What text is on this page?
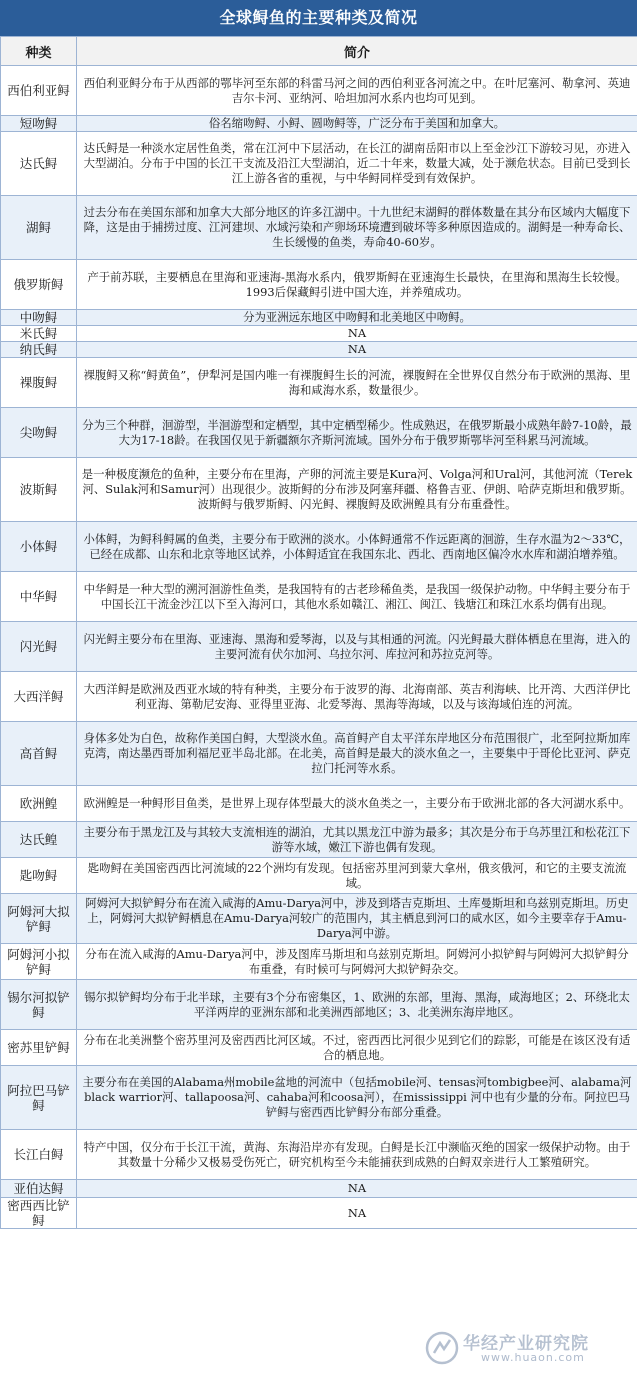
全球鲟鱼的主要种类及简况
种类	简介
西伯利亚鲟	西伯利亚鲟分布于从西部的鄂毕河至东部的科雷马河之间的西伯利亚各河流之中。在叶尼塞河、勒拿河、英迪吉尔卡河、亚纳河、哈坦加河水系内也均可见到。
短吻鲟	俗名缩吻鲟、小鲟、圆吻鲟等，广泛分布于美国和加拿大。
达氏鲟	达氏鲟是一种淡水定居性鱼类，常在江河中下层活动，在长江的湖南岳阳市以上至金沙江下游较习见，亦进入大型湖泊。分布于中国的长江干支流及沿江大型湖泊，近二十年来，数量大减，处于濒危状态。目前已受到长江上游各省的重视，与中华鲟同样受到有效保护。
湖鲟	过去分布在美国东部和加拿大大部分地区的许多江湖中。十九世纪末湖鲟的群体数量在其分布区域内大幅度下降，这是由于捕捞过度、江河建坝、水域污染和产卵场环境遭到破坏等多种原因造成的。湖鲟是一种寿命长、生长缓慢的鱼类，寿命40-60岁。
俄罗斯鲟	产于前苏联，主要栖息在里海和亚速海-黑海水系内，俄罗斯鲟在亚速海生长最快，在里海和黑海生长较慢。1993后保藏鲟引进中国大连，并养殖成功。
中吻鲟	分为亚洲远东地区中吻鲟和北美地区中吻鲟。
米氏鲟	NA
纳氏鲟	NA
裸腹鲟	裸腹鲟又称“鲟黄鱼”，伊犁河是国内唯一有裸腹鲟生长的河流，裸腹鲟在全世界仅自然分布于欧洲的黑海、里海和咸海水系，数量很少。
尖吻鲟	分为三个种群，洄游型，半洄游型和定栖型，其中定栖型稀少。性成熟迟，在俄罗斯最小成熟年龄7-10龄，最大为17-18龄。在我国仅见于新疆额尔齐斯河流域。国外分布于俄罗斯鄂毕河至科累马河流域。
波斯鲟	是一种极度濒危的鱼种，主要分布在里海，产卵的河流主要是Kura河、Volga河和Ural河，其他河流（Terek河、Sulak河和Samur河）出现很少。波斯鲟的分布涉及阿塞拜疆、格鲁吉亚、伊朗、哈萨克斯坦和俄罗斯。波斯鲟与俄罗斯鲟、闪光鲟、裸腹鲟及欧洲鳇具有分布重叠性。
小体鲟	小体鲟，为鲟科鲟属的鱼类，主要分布于欧洲的淡水。小体鲟通常不作远距离的洄游，生存水温为2～33℃，已经在成都、山东和北京等地区试养，小体鲟适宜在我国东北、西北、西南地区偏冷水水库和湖泊增养殖。
中华鲟	中华鲟是一种大型的溯河洄游性鱼类，是我国特有的古老珍稀鱼类，是我国一级保护动物。中华鲟主要分布于中国长江干流金沙江以下至入海河口，其他水系如赣江、湘江、闽江、钱塘江和珠江水系均偶有出现。
闪光鲟	闪光鲟主要分布在里海、亚速海、黑海和爱琴海，以及与其相通的河流。闪光鲟最大群体栖息在里海，进入的主要河流有伏尔加河、乌拉尔河、库拉河和苏拉克河等。
大西洋鲟	大西洋鲟是欧洲及西亚水域的特有种类，主要分布于波罗的海、北海南部、英吉利海峡、比开湾、大西洋伊比利亚海、第勒尼安海、亚得里亚海、北爱琴海、黑海等海域，以及与该海域伯连的河流。
高首鲟	身体多处为白色，故称作美国白鲟，大型淡水鱼。高首鲟产自太平洋东岸地区分布范围很广，北至阿拉斯加库克湾，南达墨西哥加利福尼亚半岛北部。在北美，高首鲟是最大的淡水鱼之一，主要集中于哥伦比亚河、萨克拉门托河等水系。
欧洲鳇	欧洲鳇是一种鲟形目鱼类，是世界上现存体型最大的淡水鱼类之一，主要分布于欧洲北部的各大河湖水系中。
达氏鳇	主要分布于黑龙江及与其较大支流相连的湖泊，尤其以黑龙江中游为最多；其次是分布于乌苏里江和松花江下游等水域，嫩江下游也偶有发现。
匙吻鲟	匙吻鲟在美国密西西比河流域的22个洲均有发现。包括密苏里河到蒙大拿州，俄亥俄河，和它的主要支流流域。
阿姆河大拟铲鲟	阿姆河大拟铲鲟分布在流入咸海的Amu-Darya河中，涉及到塔吉克斯坦、土库曼斯坦和乌兹别克斯坦。历史上，阿姆河大拟铲鲟栖息在Amu-Darya河较广的范围内，其主栖息到河口的咸水区，如今主要幸存于Amu-Darya河中游。
阿姆河小拟铲鲟	分布在流入咸海的Amu-Darya河中，涉及图库马斯坦和乌兹别克斯坦。阿姆河小拟铲鲟与阿姆河大拟铲鲟分布重叠，有时候可与阿姆河大拟铲鲟杂交。
锡尔河拟铲鲟	锡尔拟铲鲟均分布于北半球，主要有3个分布密集区，1、欧洲的东部，里海、黑海，咸海地区；2、环绕北太平洋两岸的亚洲东部和北美洲西部地区；3、北美洲东海岸地区。
密苏里铲鲟	分布在北美洲整个密苏里河及密西西比河区域。不过，密西西比河很少见到它们的踪影，可能是在该区没有适合的栖息地。
阿拉巴马铲鲟	主要分布在美国的Alabama州mobile盆地的河流中（包括mobile河、tensas河tombigbee河、alabama河 black warrior河、tallapoosa河、cahaba河和coosa河），在mississippi 河中也有少量的分布。阿拉巴马铲鲟与密西西比铲鲟分布部分重叠。
长江白鲟	特产中国，仅分布于长江干流，黄海、东海沿岸亦有发现。白鲟是长江中濒临灭绝的国家一级保护动物。由于其数量十分稀少又极易受伤死亡，研究机构至今未能捕获到成熟的白鲟双亲进行人工繁殖研究。
亚伯达鲟	NA
密西西比铲鲟	NA
华经产业研究院
www.huaon.com
